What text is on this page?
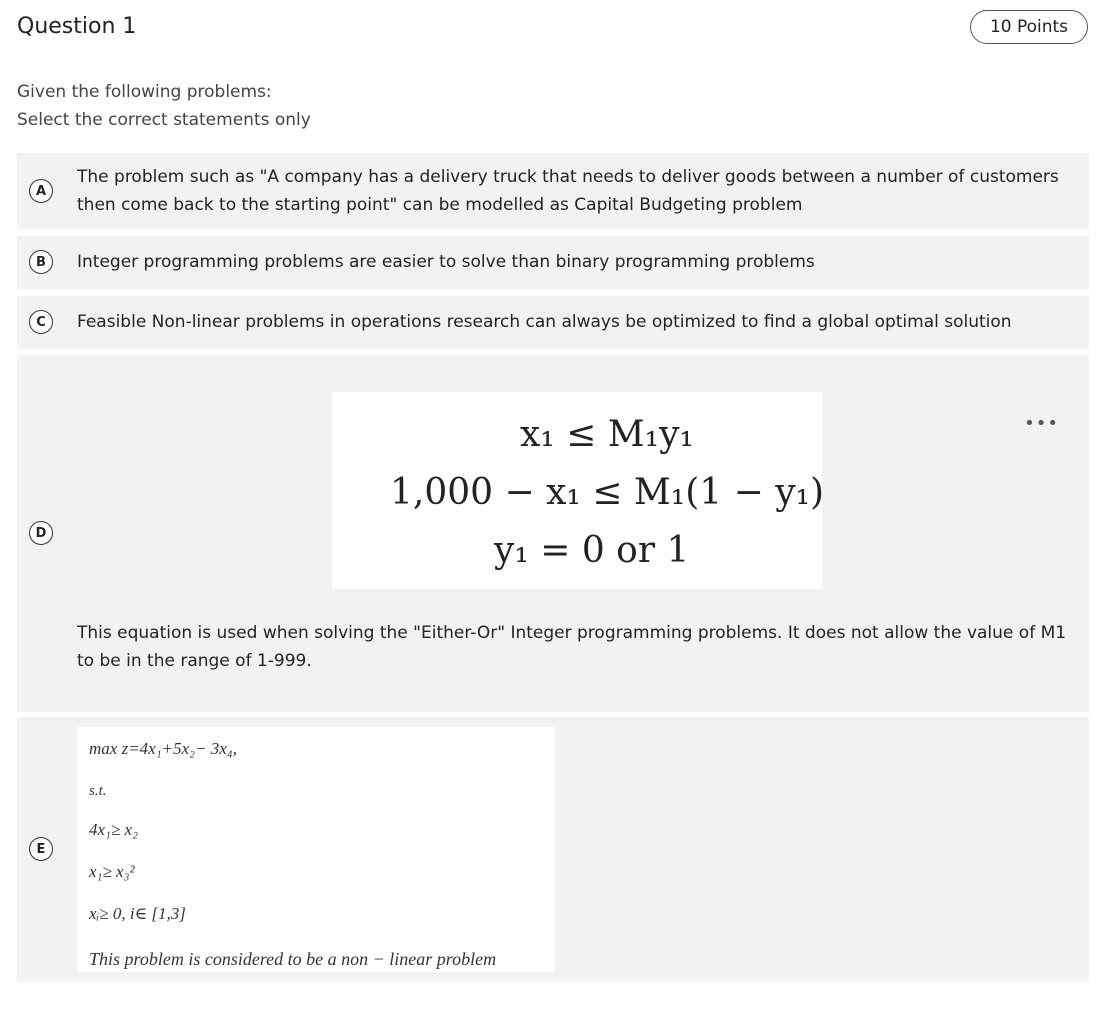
Question 1	10 Points
Given the following problems:
Select the correct statements only
A
The problem such as "A company has a delivery truck that needs to deliver goods between a number of customers then come back to the starting point" can be modelled as Capital Budgeting problem
B	Integer programming problems are easier to solve than binary programming problems
C	Feasible Non-linear problems in operations research can always be optimized to find a global optimal solution
D
•••
x₁ ≤ M₁y₁
1,000 − x₁ ≤ M₁(1 − y₁)
y₁ = 0 or 1
This equation is used when solving the "Either-Or" Integer programming problems. It does not allow the value of M1 to be in the range of 1-999.
E
max z=4x₁+5x₂− 3x₄,
s.t.
4x₁≥ x₂
x₁≥ x₃²
xᵢ≥ 0, i∈ [1,3]
This problem is considered to be a non − linear problem
